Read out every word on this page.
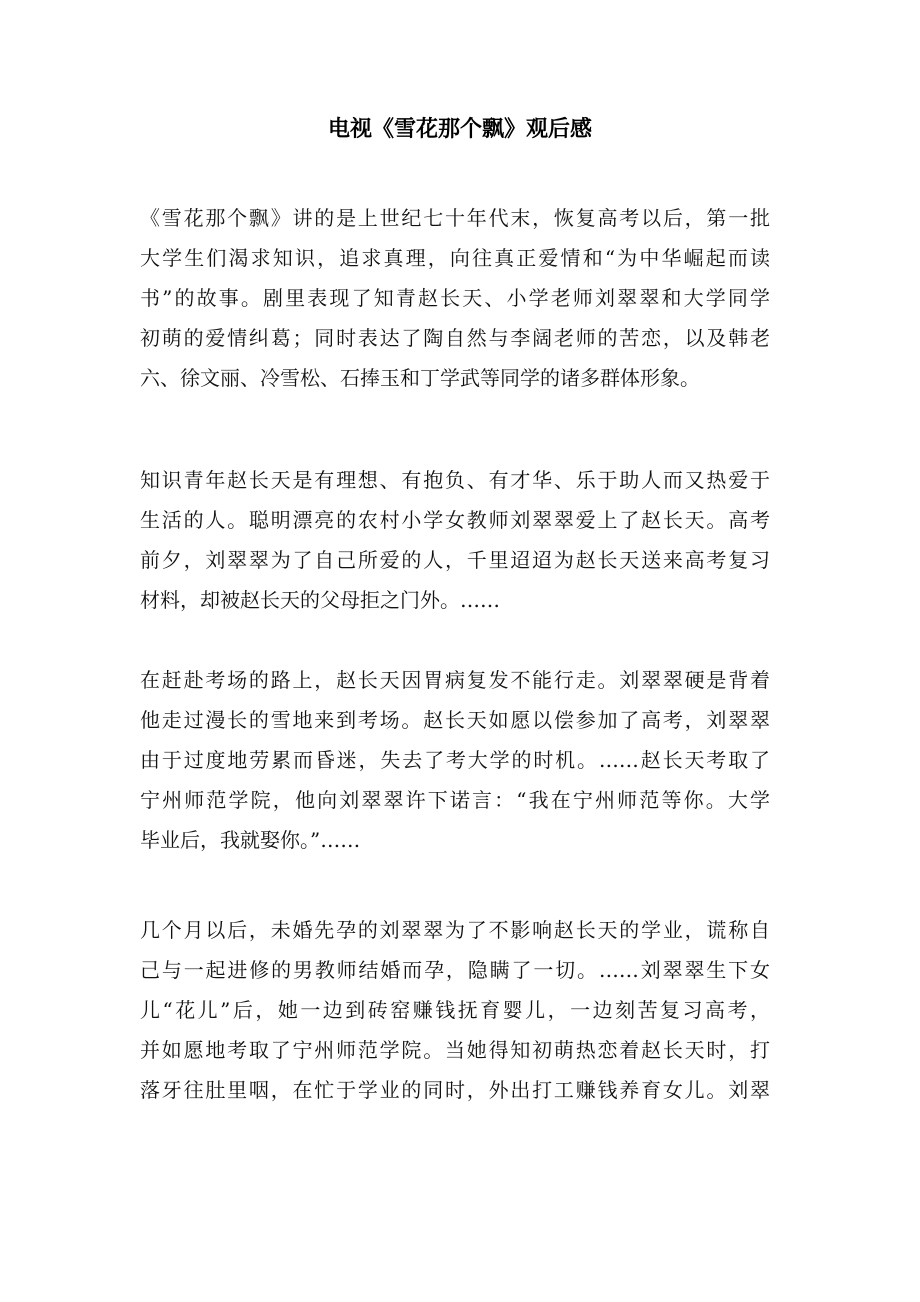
电视《雪花那个飘》观后感
《雪花那个飘》讲的是上世纪七十年代末，恢复高考以后，第一批
大学生们渴求知识，追求真理，向往真正爱情和“为中华崛起而读
书”的故事。剧里表现了知青赵长天、小学老师刘翠翠和大学同学
初萌的爱情纠葛；同时表达了陶自然与李阔老师的苦恋，以及韩老
六、徐文丽、冷雪松、石捧玉和丁学武等同学的诸多群体形象。
知识青年赵长天是有理想、有抱负、有才华、乐于助人而又热爱于
生活的人。聪明漂亮的农村小学女教师刘翠翠爱上了赵长天。高考
前夕，刘翠翠为了自己所爱的人，千里迢迢为赵长天送来高考复习
材料，却被赵长天的父母拒之门外。……
在赶赴考场的路上，赵长天因胃病复发不能行走。刘翠翠硬是背着
他走过漫长的雪地来到考场。赵长天如愿以偿参加了高考，刘翠翠
由于过度地劳累而昏迷，失去了考大学的时机。……赵长天考取了
宁州师范学院，他向刘翠翠许下诺言：“我在宁州师范等你。大学
毕业后，我就娶你。”……
几个月以后，未婚先孕的刘翠翠为了不影响赵长天的学业，谎称自
己与一起进修的男教师结婚而孕，隐瞒了一切。……刘翠翠生下女
儿“花儿”后，她一边到砖窑赚钱抚育婴儿，一边刻苦复习高考，
并如愿地考取了宁州师范学院。当她得知初萌热恋着赵长天时，打
落牙往肚里咽，在忙于学业的同时，外出打工赚钱养育女儿。刘翠
